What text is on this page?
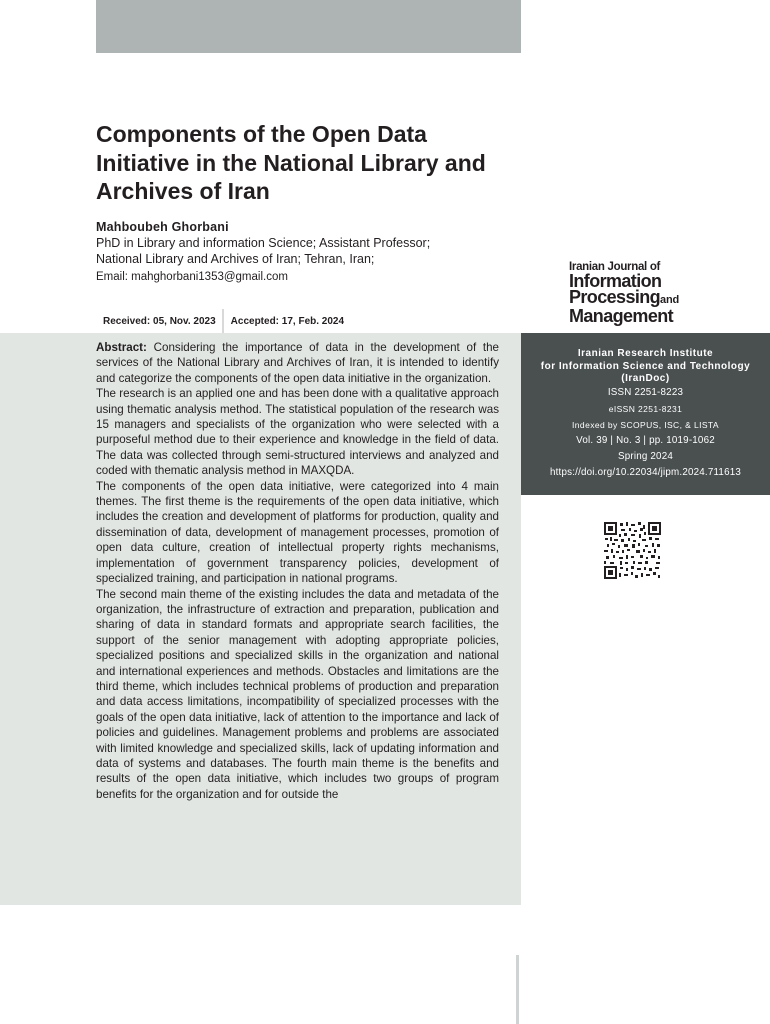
Components of the Open Data Initiative in the National Library and Archives of Iran
Mahboubeh Ghorbani
PhD in Library and information Science; Assistant Professor;
National Library and Archives of Iran; Tehran, Iran;
Email: mahghorbani1353@gmail.com
Received: 05, Nov. 2023	Accepted: 17, Feb. 2024

Abstract: Considering the importance of data in the development of the services of the National Library and Archives of Iran, it is intended to identify and categorize the components of the open data initiative in the organization.

The research is an applied one and has been done with a qualitative approach using thematic analysis method. The statistical population of the research was 15 managers and specialists of the organization who were selected with a purposeful method due to their experience and knowledge in the field of data. The data was collected through semi-structured interviews and analyzed and coded with thematic analysis method in MAXQDA.

The components of the open data initiative, were categorized into 4 main themes. The first theme is the requirements of the open data initiative, which includes the creation and development of platforms for production, quality and dissemination of data, development of management processes, promotion of open data culture, creation of intellectual property rights mechanisms, implementation of government transparency policies, development of specialized training, and participation in national programs.

The second main theme of the existing includes the data and metadata of the organization, the infrastructure of extraction and preparation, publication and sharing of data in standard formats and appropriate search facilities, the support of the senior management with adopting appropriate policies, specialized positions and specialized skills in the organization and national and international experiences and methods. Obstacles and limitations are the third theme, which includes technical problems of production and preparation and data access limitations, incompatibility of specialized processes with the goals of the open data initiative, lack of attention to the importance and lack of policies and guidelines. Management problems and problems are associated with limited knowledge and specialized skills, lack of updating information and data of systems and databases. The fourth main theme is the benefits and results of the open data initiative, which includes two groups of program benefits for the organization and for outside the

Iranian Journal of
Information
Processingand
Management
Iranian Research Institute
for Information Science and Technology
(IranDoc)
ISSN 2251-8223
eISSN 2251-8231
Indexed by SCOPUS, ISC, & LISTA
Vol. 39 | No. 3 | pp. 1019-1062
Spring 2024
https://doi.org/10.22034/jipm.2024.711613
